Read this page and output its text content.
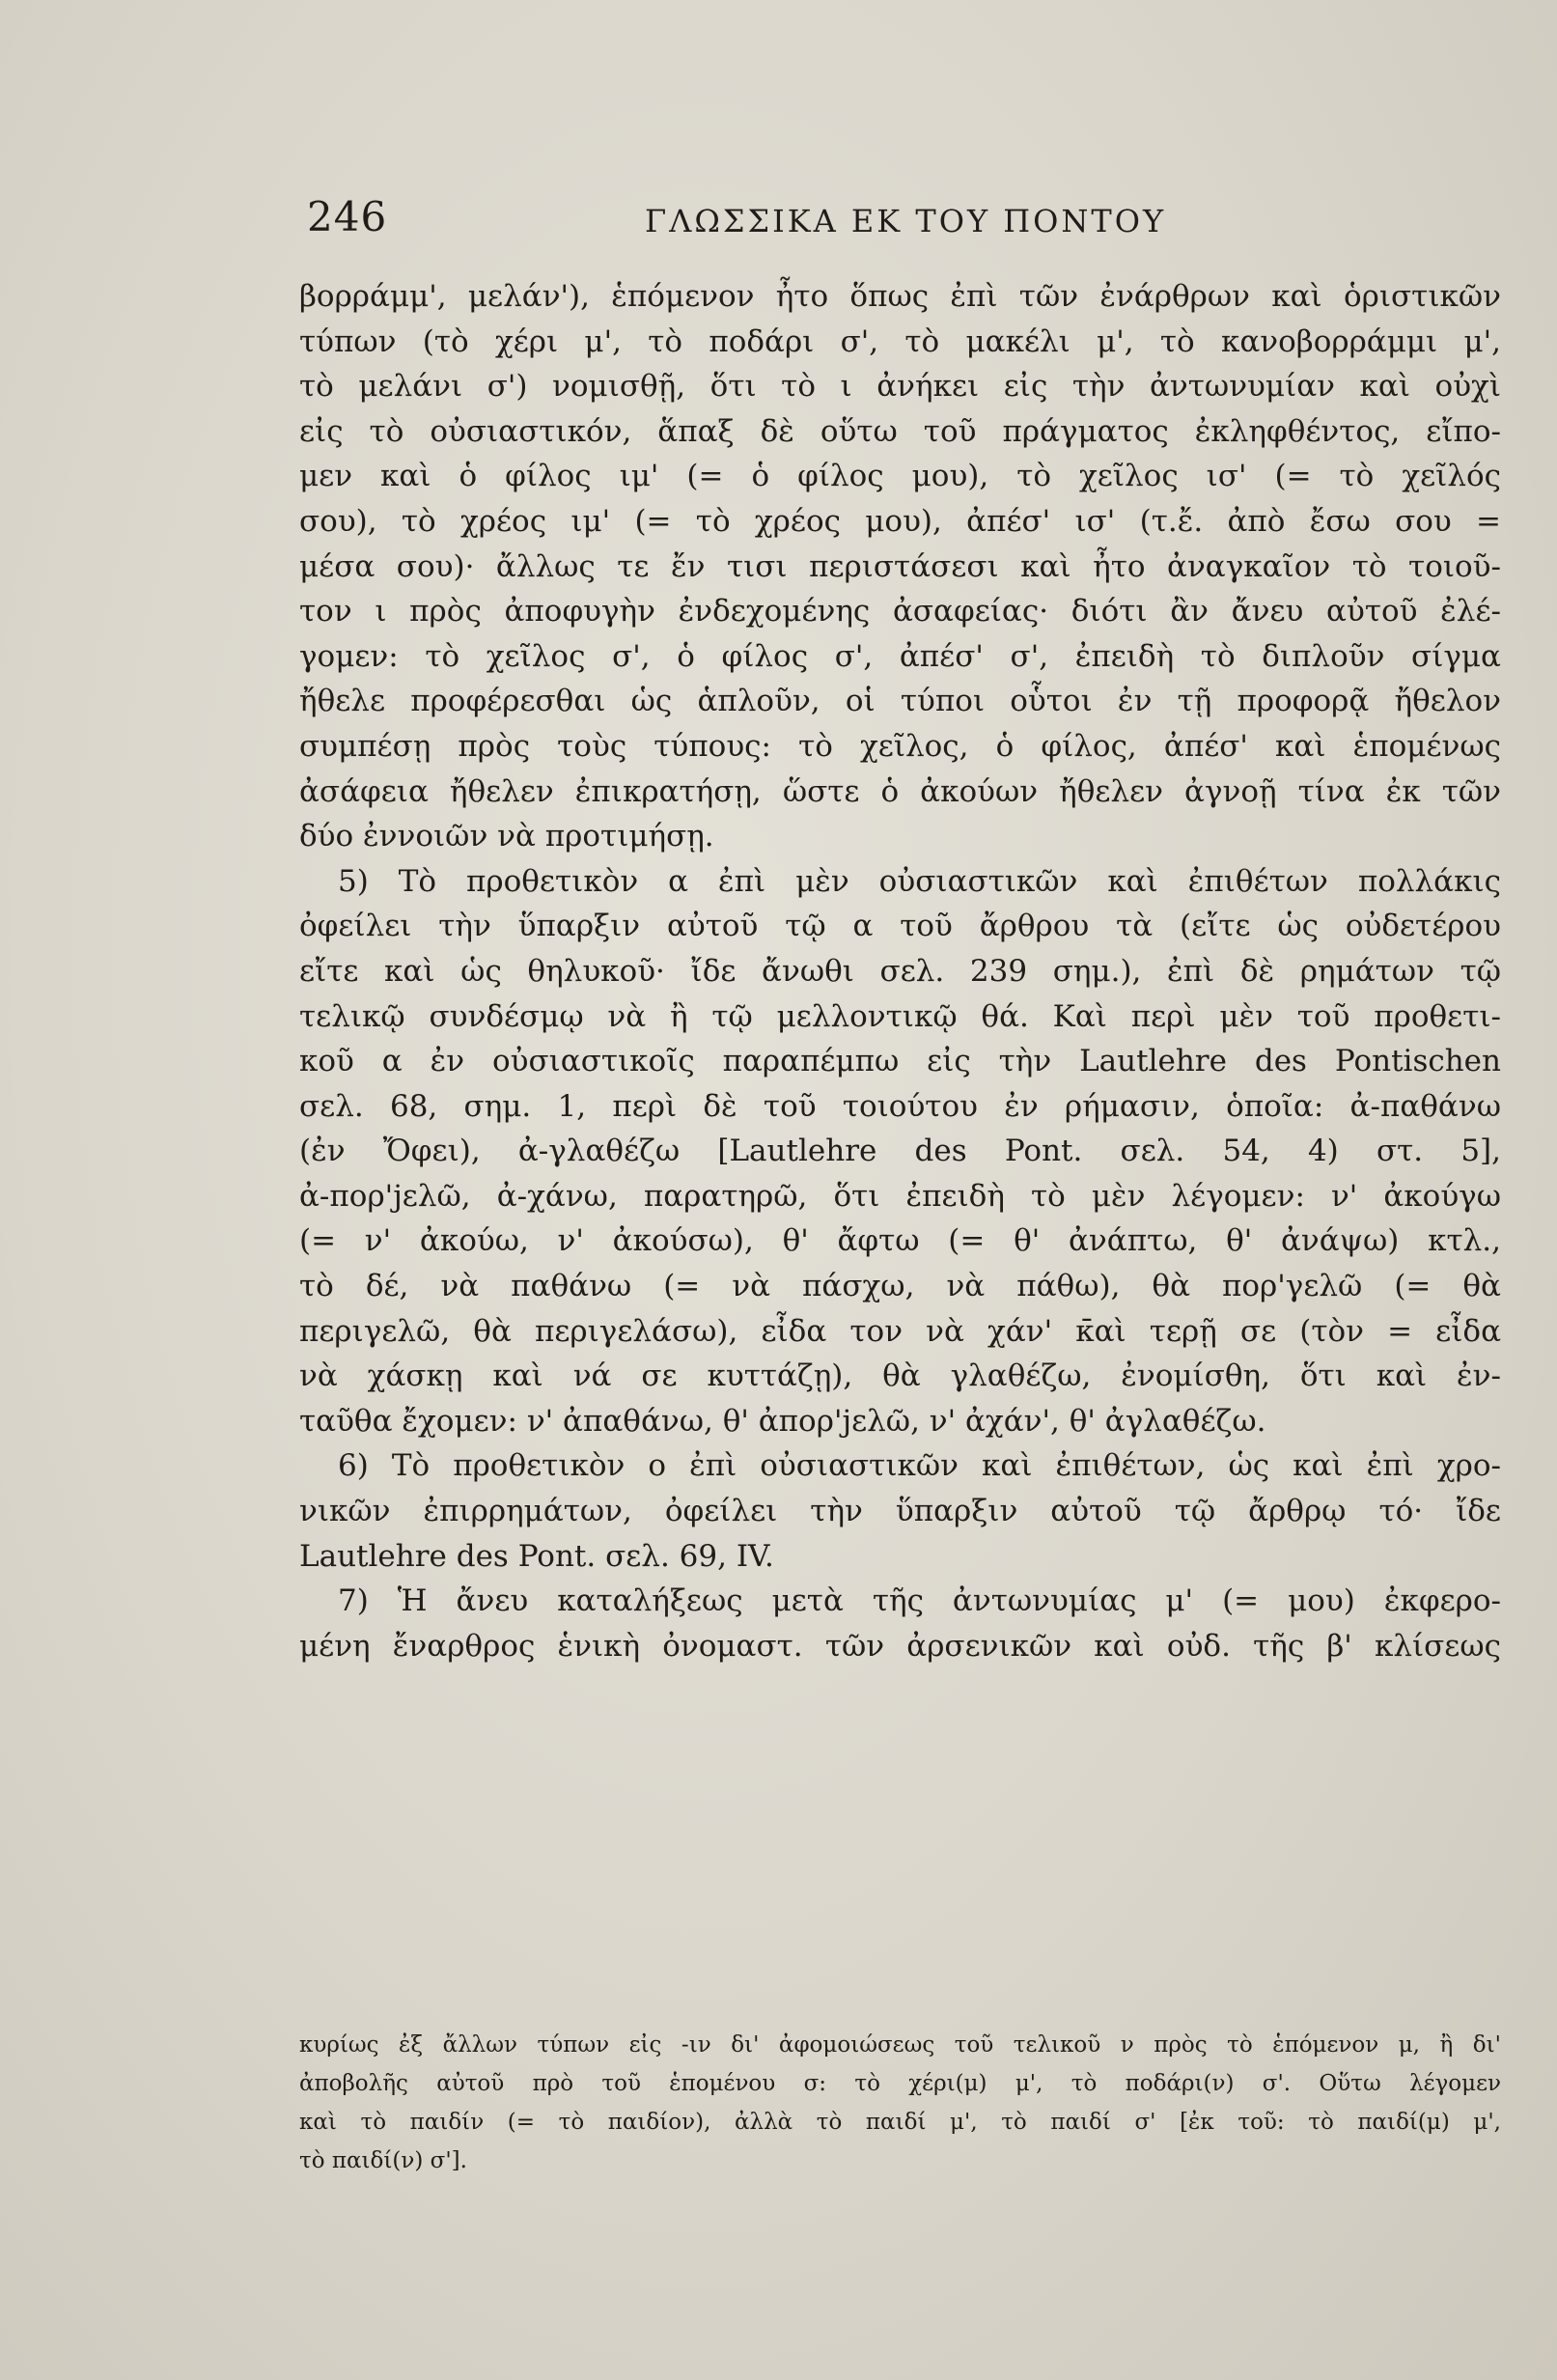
246	ΓΛΩΣΣΙΚΑ ΕΚ ΤΟΥ ΠΟΝΤΟΥ
βορράμμ', μελάν'), ἑπόμενον ἦτο ὅπως ἐπὶ τῶν ἐνάρθρων καὶ ὁριστικῶν
τύπων (τὸ χέρι μ', τὸ ποδάρι σ', τὸ μακέλι μ', τὸ κανοβορράμμι μ',
τὸ μελάνι σ') νομισθῇ, ὅτι τὸ ι ἀνήκει εἰς τὴν ἀντωνυμίαν καὶ οὐχὶ
εἰς τὸ οὐσιαστικόν, ἅπαξ δὲ οὕτω τοῦ πράγματος ἐκληφθέντος, εἴπο-
μεν καὶ ὁ φίλος ιμ' (= ὁ φίλος μου), τὸ χεῖλος ισ' (= τὸ χεῖλός
σου), τὸ χρέος ιμ' (= τὸ χρέος μου), ἀπέσ' ισ' (τ.ἔ. ἀπὸ ἔσω σου =
μέσα σου)· ἄλλως τε ἔν τισι περιστάσεσι καὶ ἦτο ἀναγκαῖον τὸ τοιοῦ-
τον ι πρὸς ἀποφυγὴν ἐνδεχομένης ἀσαφείας· διότι ἂν ἄνευ αὐτοῦ ἐλέ-
γομεν: τὸ χεῖλος σ', ὁ φίλος σ', ἀπέσ' σ', ἐπειδὴ τὸ διπλοῦν σίγμα
ἤθελε προφέρεσθαι ὡς ἁπλοῦν, οἱ τύποι οὗτοι ἐν τῇ προφορᾷ ἤθελον
συμπέσῃ πρὸς τοὺς τύπους: τὸ χεῖλος, ὁ φίλος, ἀπέσ' καὶ ἑπομένως
ἀσάφεια ἤθελεν ἐπικρατήσῃ, ὥστε ὁ ἀκούων ἤθελεν ἀγνοῇ τίνα ἐκ τῶν
δύο ἐννοιῶν νὰ προτιμήσῃ.
5) Τὸ προθετικὸν α ἐπὶ μὲν οὐσιαστικῶν καὶ ἐπιθέτων πολλάκις
ὀφείλει τὴν ὕπαρξιν αὐτοῦ τῷ α τοῦ ἄρθρου τὰ (εἴτε ὡς οὐδετέρου
εἴτε καὶ ὡς θηλυκοῦ· ἴδε ἄνωθι σελ. 239 σημ.), ἐπὶ δὲ ρημάτων τῷ
τελικῷ συνδέσμῳ νὰ ἢ τῷ μελλοντικῷ θά. Καὶ περὶ μὲν τοῦ προθετι-
κοῦ α ἐν οὐσιαστικοῖς παραπέμπω εἰς τὴν Lautlehre des Pontischen
σελ. 68, σημ. 1, περὶ δὲ τοῦ τοιούτου ἐν ρήμασιν, ὁποῖα: ἀ-παθάνω
(ἐν Ὄφει), ἀ-γλαθέζω [Lautlehre des Pont. σελ. 54, 4) στ. 5],
ἀ-πορ'jελῶ, ἀ-χάνω, παρατηρῶ, ὅτι ἐπειδὴ τὸ μὲν λέγομεν: ν' ἀκούγω
(= ν' ἀκούω, ν' ἀκούσω), θ' ἄφτω (= θ' ἀνάπτω, θ' ἀνάψω) κτλ.,
τὸ δέ, νὰ παθάνω (= νὰ πάσχω, νὰ πάθω), θὰ πορ'γελῶ (= θὰ
περιγελῶ, θὰ περιγελάσω), εἶδα τον νὰ χάν' κ̄αὶ τερῇ σε (τὸν = εἶδα
νὰ χάσκῃ καὶ νά σε κυττάζῃ), θὰ γλαθέζω, ἐνομίσθη, ὅτι καὶ ἐν-
ταῦθα ἔχομεν: ν' ἀπαθάνω, θ' ἀπορ'jελῶ, ν' ἀχάν', θ' ἀγλαθέζω.
6) Τὸ προθετικὸν ο ἐπὶ οὐσιαστικῶν καὶ ἐπιθέτων, ὡς καὶ ἐπὶ χρο-
νικῶν ἐπιρρημάτων, ὀφείλει τὴν ὕπαρξιν αὐτοῦ τῷ ἄρθρῳ τό· ἴδε
Lautlehre des Pont. σελ. 69, IV.
7) Ἡ ἄνευ καταλήξεως μετὰ τῆς ἀντωνυμίας μ' (= μου) ἐκφερο-
μένη ἔναρθρος ἑνικὴ ὀνομαστ. τῶν ἀρσενικῶν καὶ οὐδ. τῆς β' κλίσεως
κυρίως ἐξ ἄλλων τύπων εἰς -ιν δι' ἀφομοιώσεως τοῦ τελικοῦ ν πρὸς τὸ ἑπόμενον μ, ἢ δι'
ἀποβολῆς αὐτοῦ πρὸ τοῦ ἑπομένου σ: τὸ χέρι(μ) μ', τὸ ποδάρι(ν) σ'. Οὕτω λέγομεν
καὶ τὸ παιδίν (= τὸ παιδίον), ἀλλὰ τὸ παιδί μ', τὸ παιδί σ' [ἐκ τοῦ: τὸ παιδί(μ) μ',
τὸ παιδί(ν) σ'].
